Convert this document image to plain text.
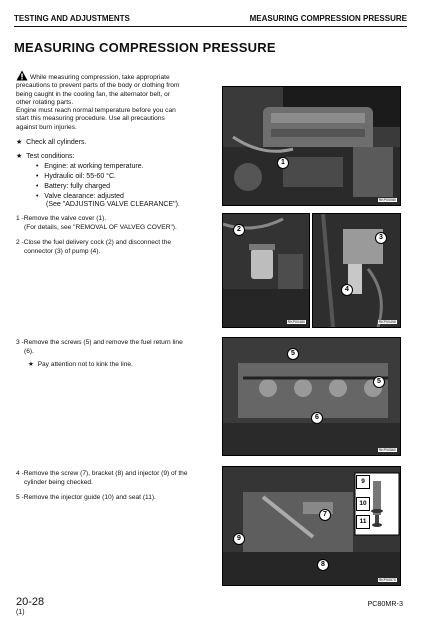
TESTING AND ADJUSTMENTS	MEASURING COMPRESSION PRESSURE
MEASURING COMPRESSION PRESSURE
While measuring compression, take appropriate
precautions to prevent parts of the body or clothing from
being caught in the cooling fan, the alternator belt, or
other rotating parts.
Engine must reach normal temperature before you can
start this measuring procedure. Use all precautions
against burn injuries.
★ Check all cylinders.
★ Test conditions:
•   Engine: at working temperature.
•   Hydraulic oil: 55-60 °C.
•   Battery: fully charged
•   Valve clearance: adjusted
(See "ADJUSTING VALVE CLEARANCE").
1 -Remove the valve cover (1).
(For details, see "REMOVAL OF VALVEG COVER").
2 -Close the fuel delivery cock (2) and disconnect the
connector (3) of pump (4).
3 -Remove the screws (5) and remove the fuel return line
(6).
★ Pay attention not to kink the line.
4 -Remove the screw (7), bracket (8) and injector (9) of the
cylinder being checked.
5 -Remove the injector guide (10) and seat (11).
1
RKP00080
2
RKP00480
3
4
RKP00490
5
5
6
RKP00560
9
10
11
7
9
8
RKP00570
20-28
(1)
PC80MR-3
